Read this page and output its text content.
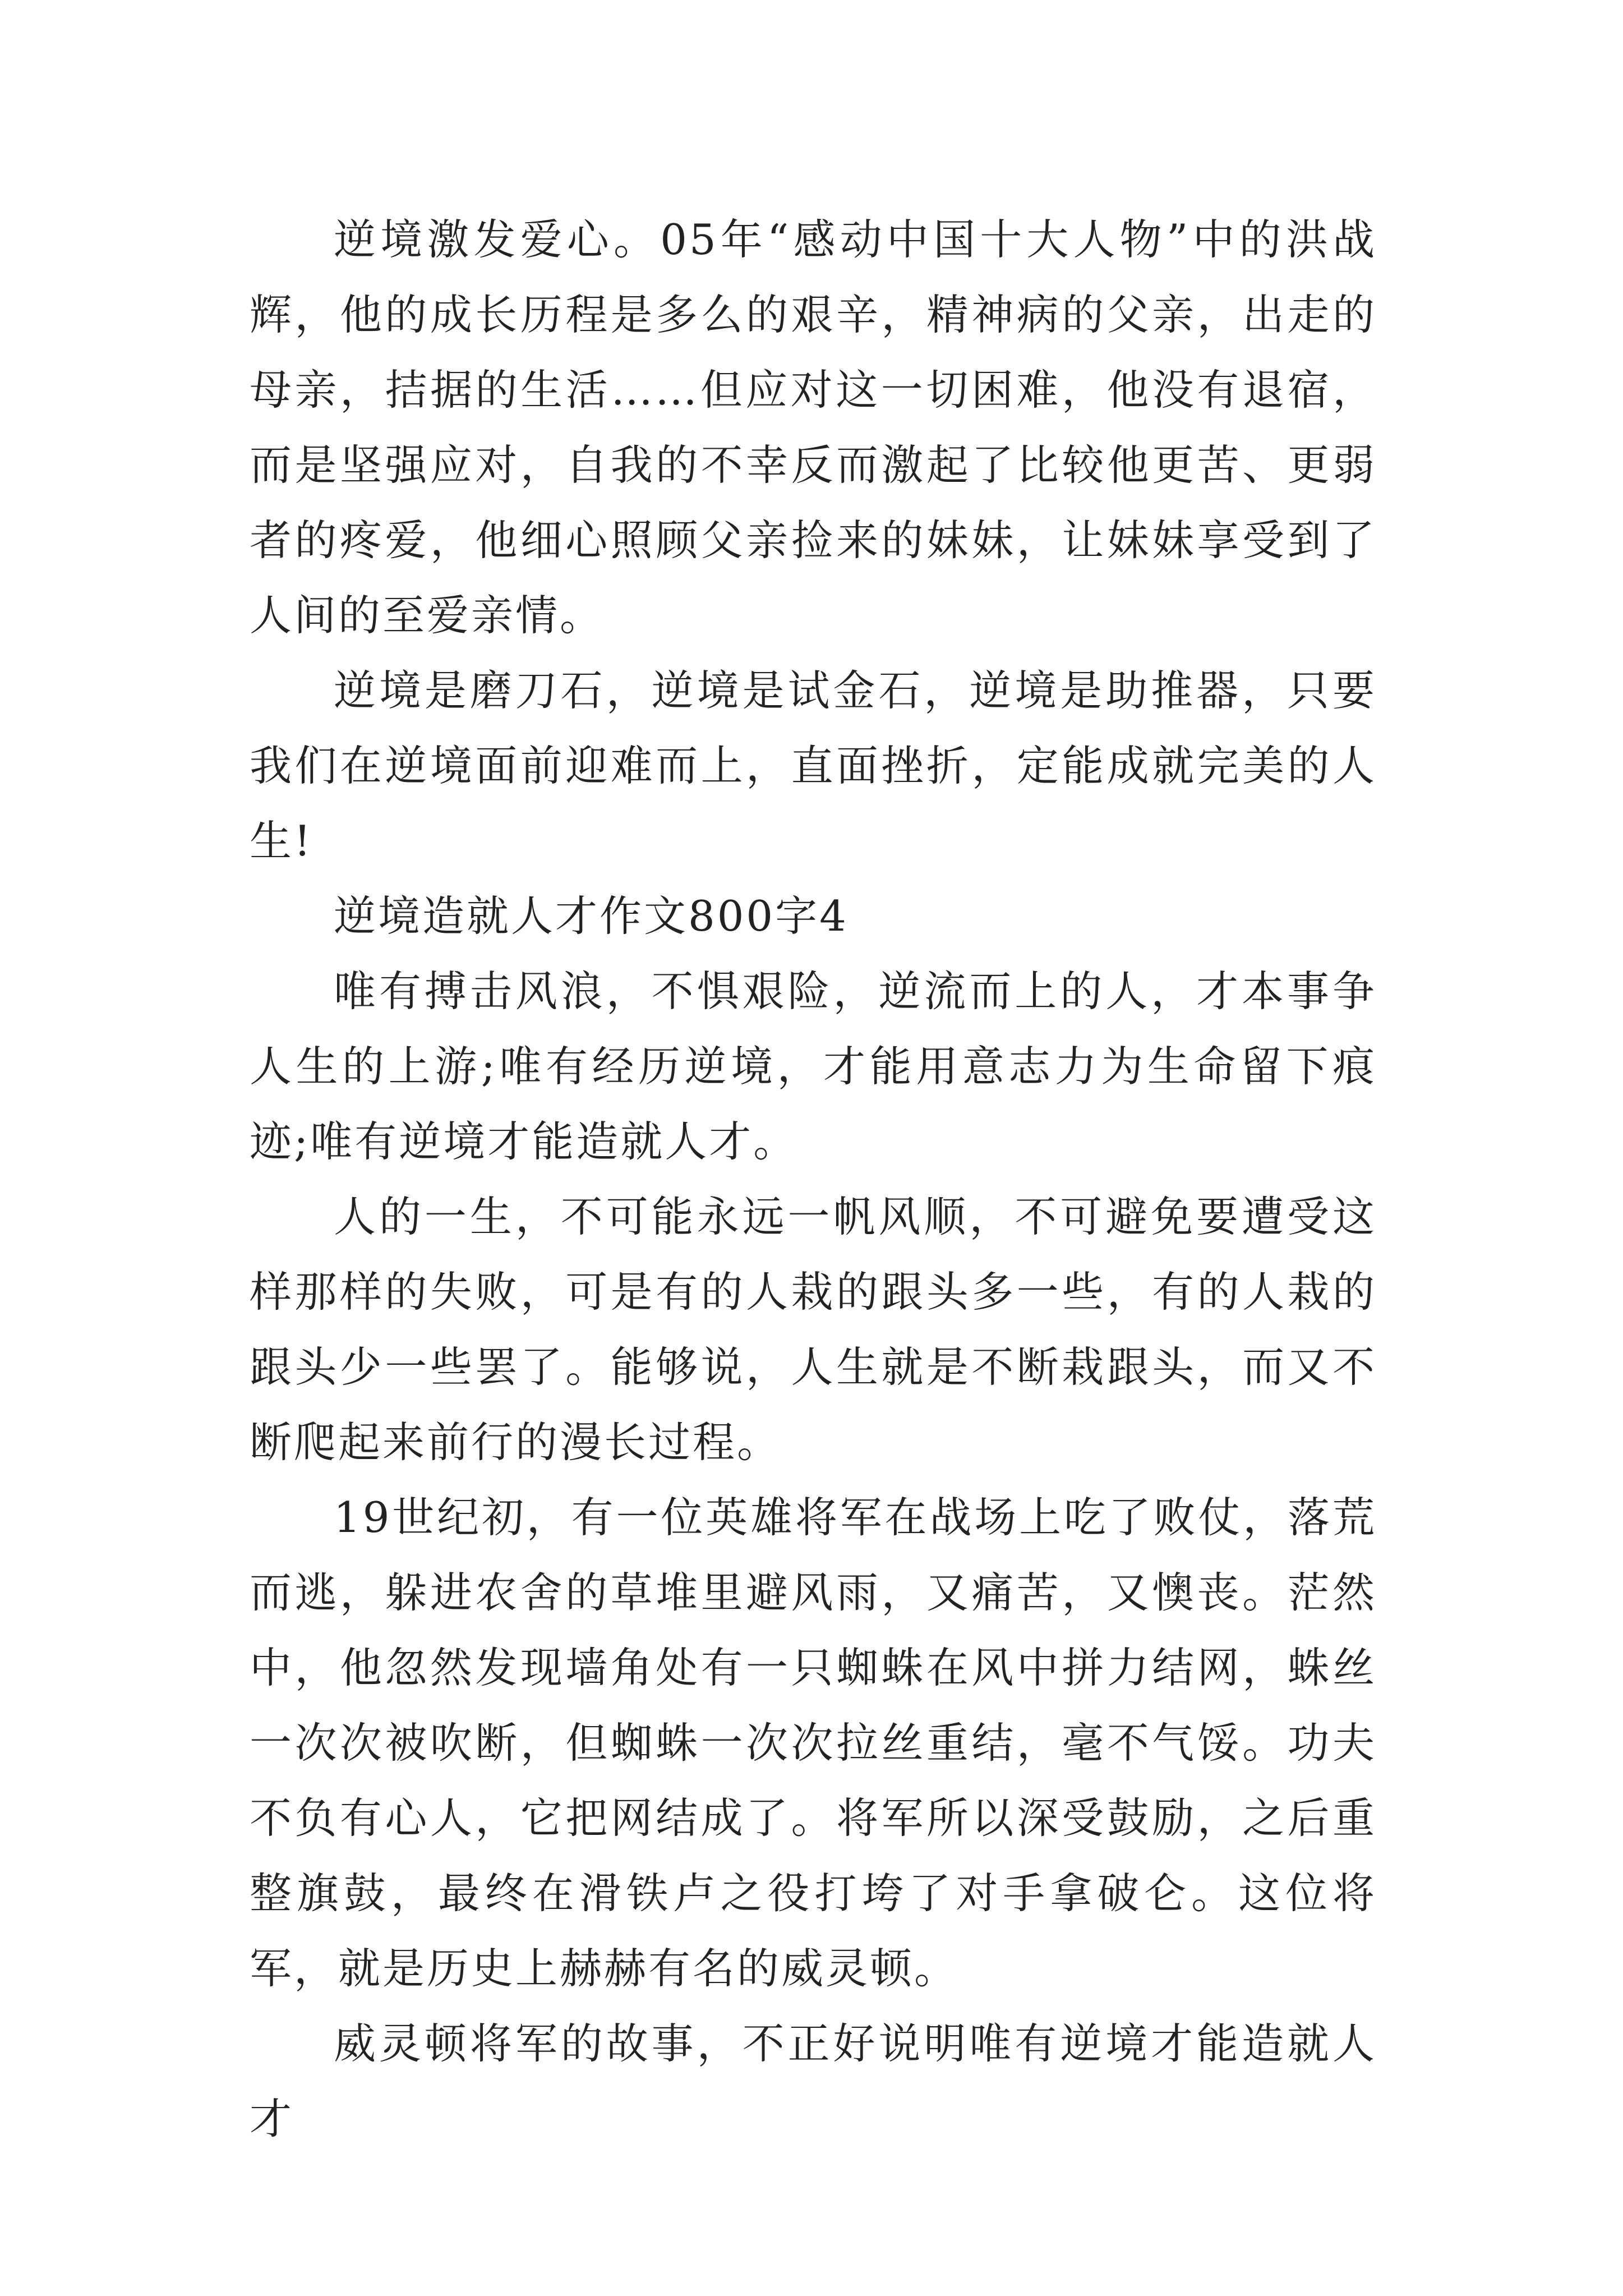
逆境激发爱心。05年“感动中国十大人物”中的洪战辉，他的成长历程是多么的艰辛，精神病的父亲，出走的母亲，拮据的生活……但应对这一切困难，他没有退宿，而是坚强应对，自我的不幸反而激起了比较他更苦、更弱者的疼爱，他细心照顾父亲捡来的妹妹，让妹妹享受到了人间的至爱亲情。

逆境是磨刀石，逆境是试金石，逆境是助推器，只要我们在逆境面前迎难而上，直面挫折，定能成就完美的人生!

逆境造就人才作文800字4

唯有搏击风浪，不惧艰险，逆流而上的人，才本事争人生的上游;唯有经历逆境，才能用意志力为生命留下痕迹;唯有逆境才能造就人才。

人的一生，不可能永远一帆风顺，不可避免要遭受这样那样的失败，可是有的人栽的跟头多一些，有的人栽的跟头少一些罢了。能够说，人生就是不断栽跟头，而又不断爬起来前行的漫长过程。

19世纪初，有一位英雄将军在战场上吃了败仗，落荒而逃，躲进农舍的草堆里避风雨，又痛苦，又懊丧。茫然中，他忽然发现墙角处有一只蜘蛛在风中拼力结网，蛛丝一次次被吹断，但蜘蛛一次次拉丝重结，毫不气馁。功夫不负有心人，它把网结成了。将军所以深受鼓励，之后重整旗鼓，最终在滑铁卢之役打垮了对手拿破仑。这位将军，就是历史上赫赫有名的威灵顿。

威灵顿将军的故事，不正好说明唯有逆境才能造就人才
